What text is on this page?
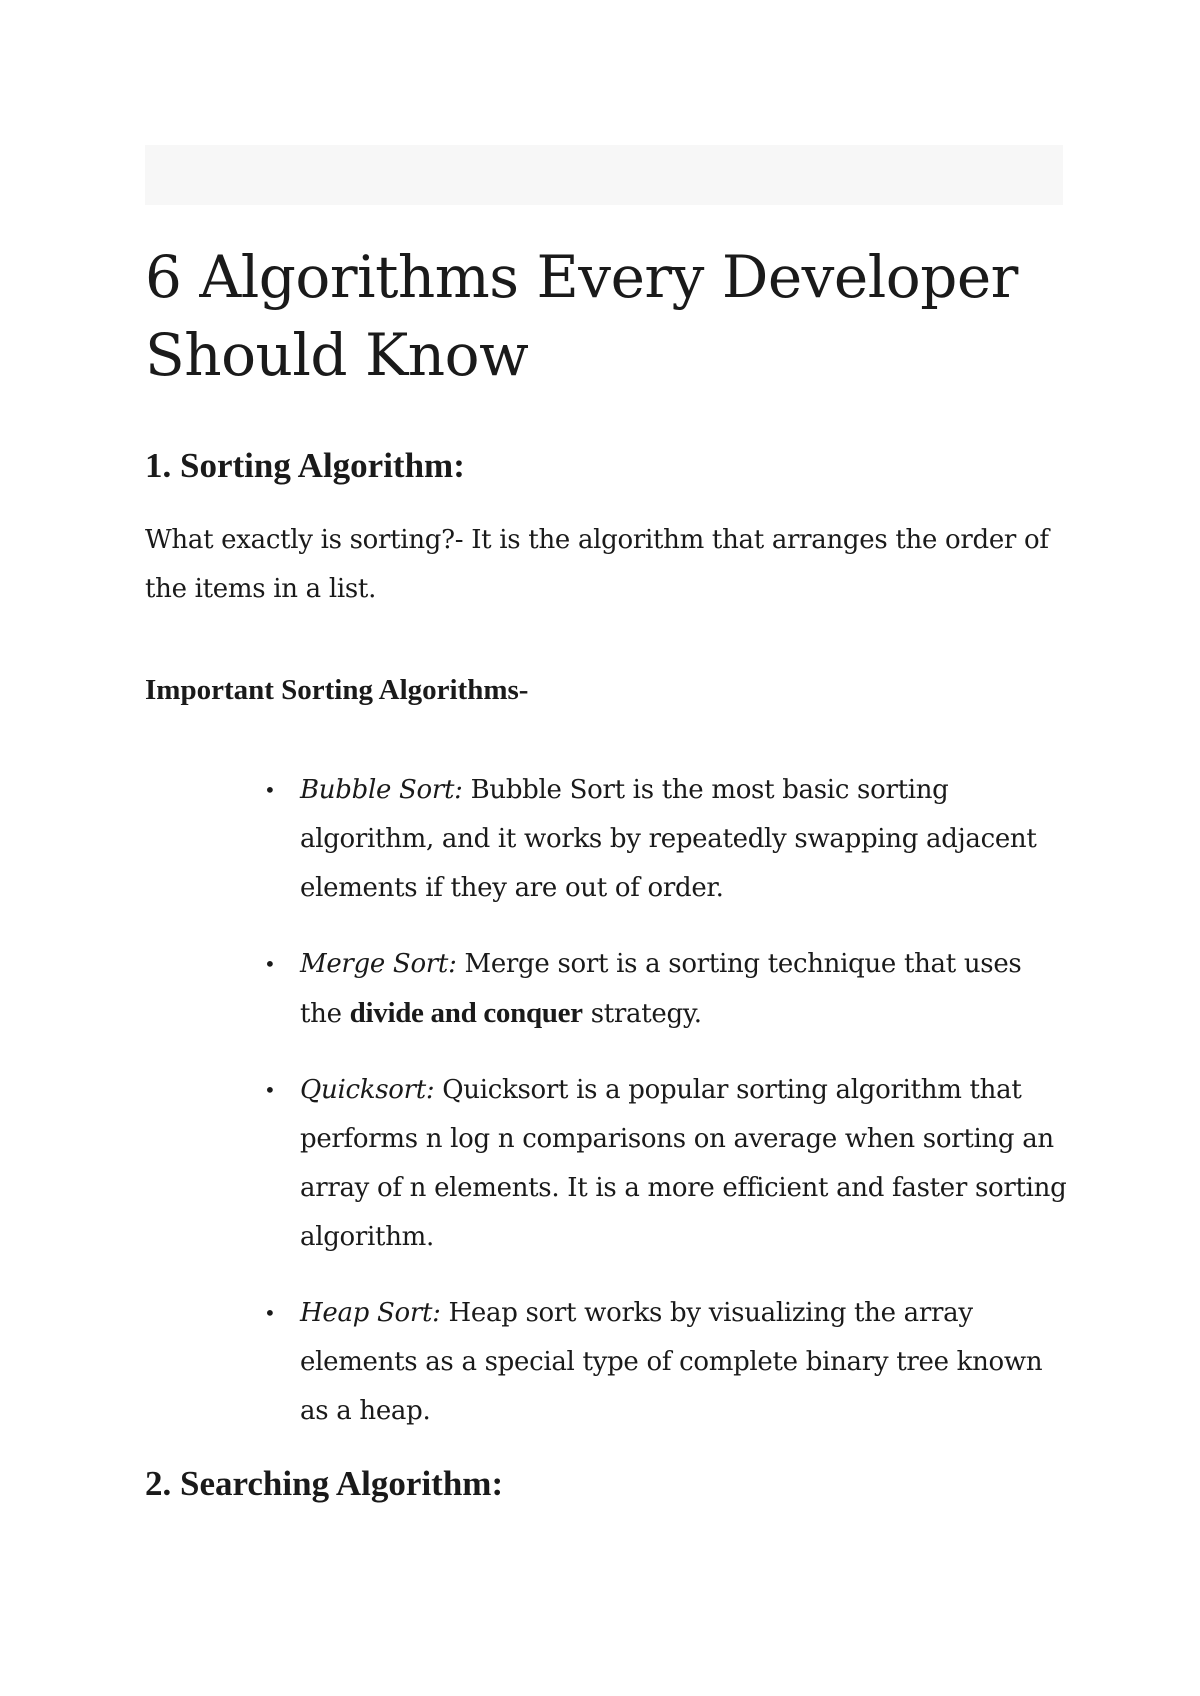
6 Algorithms Every Developer Should Know
1. Sorting Algorithm:

What exactly is sorting?- It is the algorithm that arranges the order of the items in a list.

Important Sorting Algorithms-
• Bubble Sort: Bubble Sort is the most basic sorting algorithm, and it works by repeatedly swapping adjacent elements if they are out of order.
• Merge Sort: Merge sort is a sorting technique that uses the divide and conquer strategy.
• Quicksort: Quicksort is a popular sorting algorithm that performs n log n comparisons on average when sorting an array of n elements. It is a more efficient and faster sorting algorithm.
• Heap Sort: Heap sort works by visualizing the array elements as a special type of complete binary tree known as a heap.
2. Searching Algorithm:
